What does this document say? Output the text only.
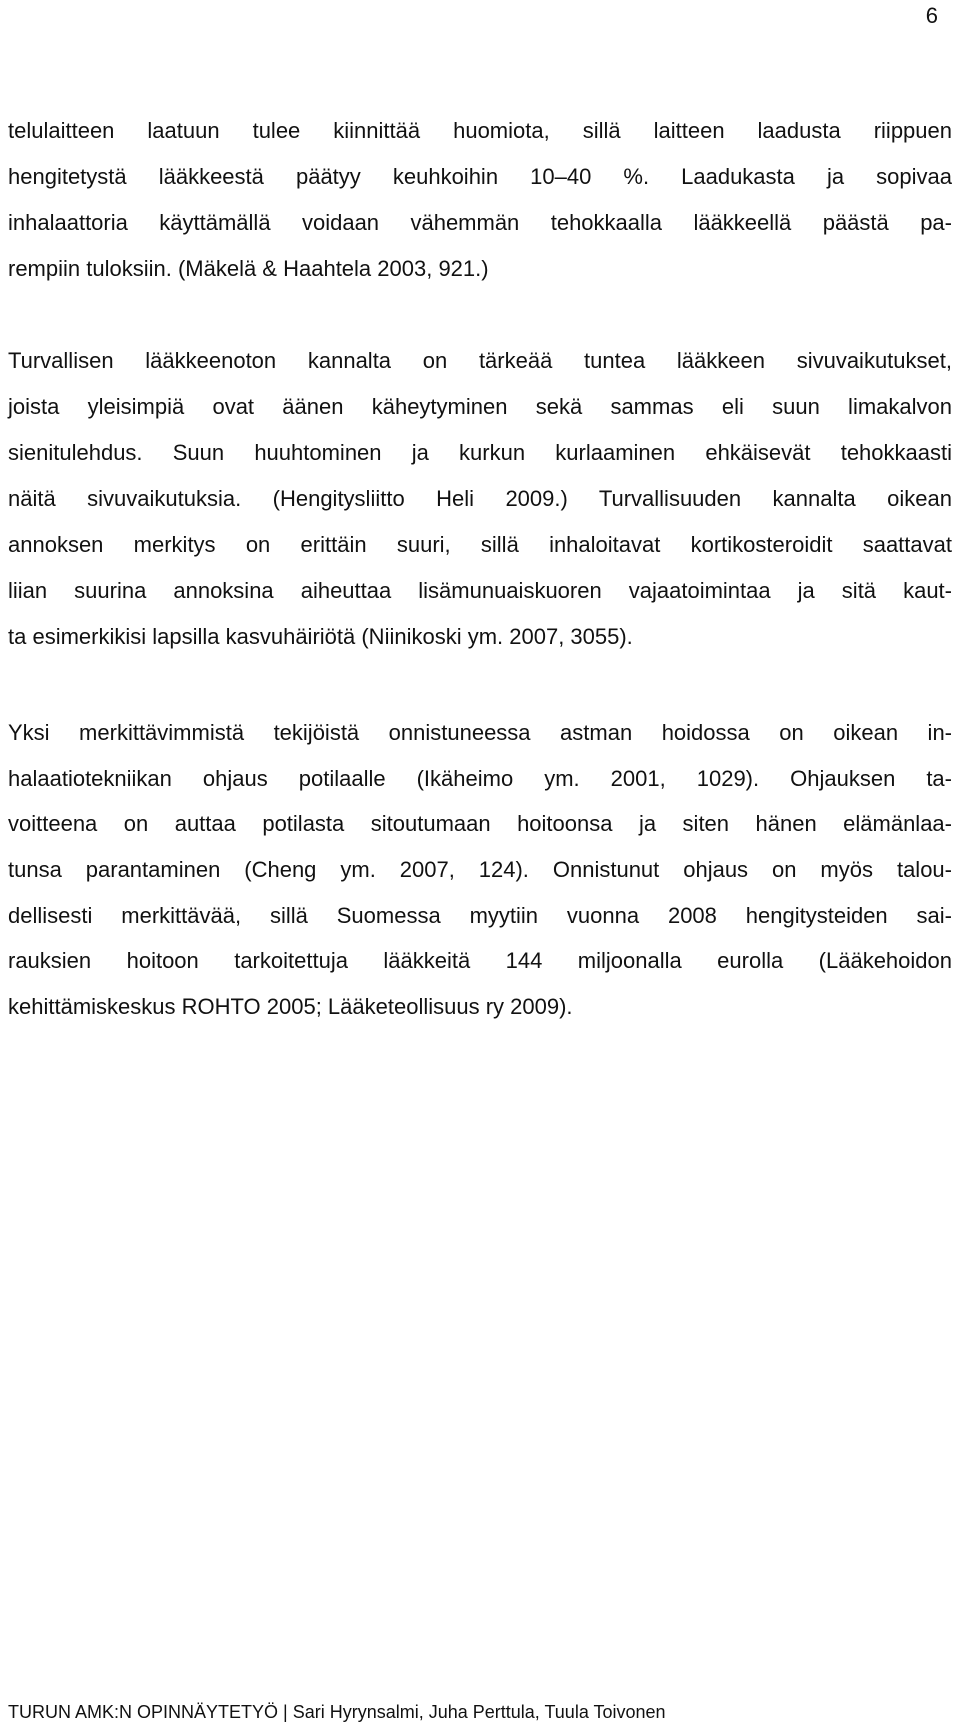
6
telulaitteen laatuun tulee kiinnittää huomiota, sillä laitteen laadusta riippuen
hengitetystä lääkkeestä päätyy keuhkoihin 10–40 %. Laadukasta ja sopivaa
inhalaattoria käyttämällä voidaan vähemmän tehokkaalla lääkkeellä päästä pa-
rempiin tuloksiin. (Mäkelä & Haahtela 2003, 921.)
Turvallisen lääkkeenoton kannalta on tärkeää tuntea lääkkeen sivuvaikutukset,
joista yleisimpiä ovat äänen käheytyminen sekä sammas eli suun limakalvon
sienitulehdus. Suun huuhtominen ja kurkun kurlaaminen ehkäisevät tehokkaasti
näitä sivuvaikutuksia. (Hengitysliitto Heli 2009.) Turvallisuuden kannalta oikean
annoksen merkitys on erittäin suuri, sillä inhaloitavat kortikosteroidit saattavat
liian suurina annoksina aiheuttaa lisämunuaiskuoren vajaatoimintaa ja sitä kaut-
ta esimerkikisi lapsilla kasvuhäiriötä (Niinikoski ym. 2007, 3055).
Yksi merkittävimmistä tekijöistä onnistuneessa astman hoidossa on oikean in-
halaatiotekniikan ohjaus potilaalle (Ikäheimo ym. 2001, 1029). Ohjauksen ta-
voitteena on auttaa potilasta sitoutumaan hoitoonsa ja siten hänen elämänlaa-
tunsa parantaminen (Cheng ym. 2007, 124). Onnistunut ohjaus on myös talou-
dellisesti merkittävää, sillä Suomessa myytiin vuonna 2008 hengitysteiden sai-
rauksien hoitoon tarkoitettuja lääkkeitä 144 miljoonalla eurolla (Lääkehoidon
kehittämiskeskus ROHTO 2005; Lääketeollisuus ry 2009).
TURUN AMK:N OPINNÄYTETYÖ | Sari Hyrynsalmi, Juha Perttula, Tuula Toivonen
